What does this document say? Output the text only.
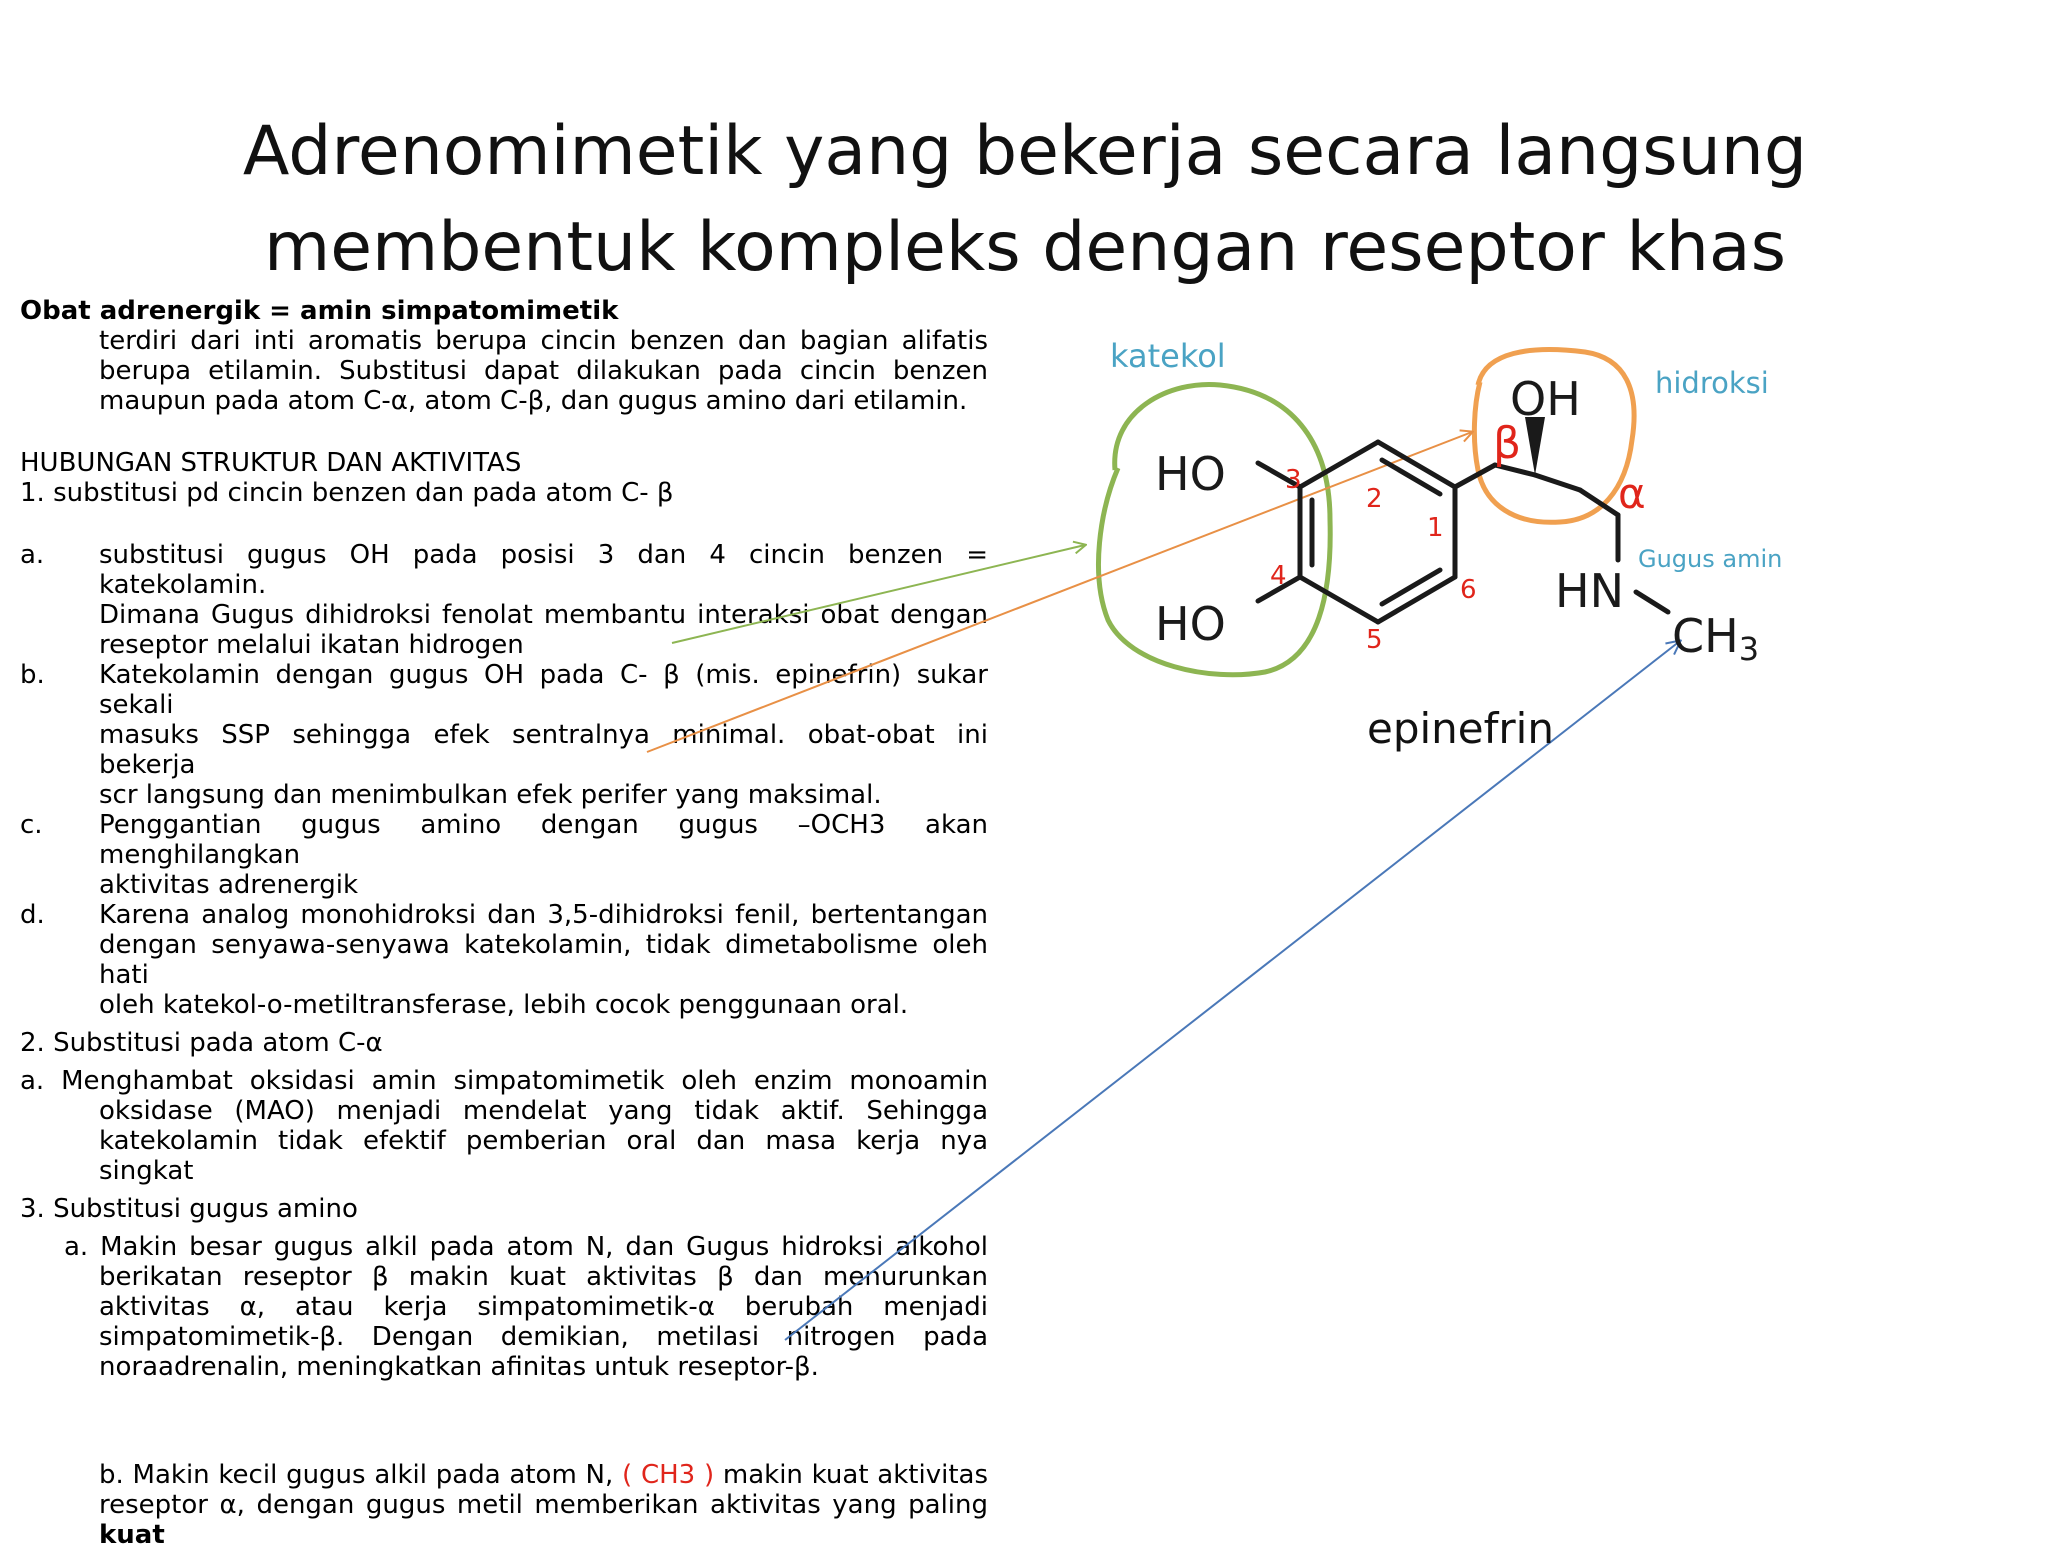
Adrenomimetik yang bekerja secara langsung
membentuk kompleks dengan reseptor khas

Obat adrenergik = amin simpatomimetik

terdiri dari inti aromatis berupa cincin benzen dan bagian alifatis

berupa etilamin. Substitusi dapat dilakukan pada cincin benzen

maupun pada atom C-α, atom C-β, dan gugus amino dari etilamin.

HUBUNGAN STRUKTUR DAN AKTIVITAS

1. substitusi pd cincin benzen dan pada atom C- β

a. substitusi gugus OH pada posisi 3 dan 4 cincin benzen = katekolamin.

Dimana Gugus dihidroksi fenolat membantu interaksi obat dengan

reseptor melalui ikatan hidrogen

b. Katekolamin dengan gugus OH pada C- β (mis. epinefrin) sukar sekali

masuks SSP sehingga efek sentralnya minimal. obat-obat ini bekerja

scr langsung dan menimbulkan efek perifer yang maksimal.

c. Penggantian gugus amino dengan gugus –OCH3 akan menghilangkan

aktivitas adrenergik

d. Karena analog monohidroksi dan 3,5-dihidroksi fenil, bertentangan

dengan senyawa-senyawa katekolamin, tidak dimetabolisme oleh hati

oleh katekol-o-metiltransferase, lebih cocok penggunaan oral.

2. Substitusi pada atom C-α

a. Menghambat oksidasi amin simpatomimetik oleh enzim monoamin

oksidase (MAO) menjadi mendelat yang tidak aktif. Sehingga

katekolamin tidak efektif pemberian oral dan masa kerja nya singkat

3. Substitusi gugus amino

a. Makin besar gugus alkil pada atom N, dan Gugus hidroksi alkohol

berikatan reseptor β makin kuat aktivitas β dan menurunkan

aktivitas α, atau kerja simpatomimetik-α berubah menjadi

simpatomimetik-β. Dengan demikian, metilasi nitrogen pada

noraadrenalin, meningkatkan afinitas untuk reseptor-β.

b. Makin kecil gugus alkil pada atom N, ( CH3 ) makin kuat aktivitas

reseptor α, dengan gugus metil memberikan aktivitas yang paling

kuat

HO
HO
OH
HN
CH3
β
α
1
2
3
4
5
6
katekol
hidroksi
Gugus amin
epinefrin
